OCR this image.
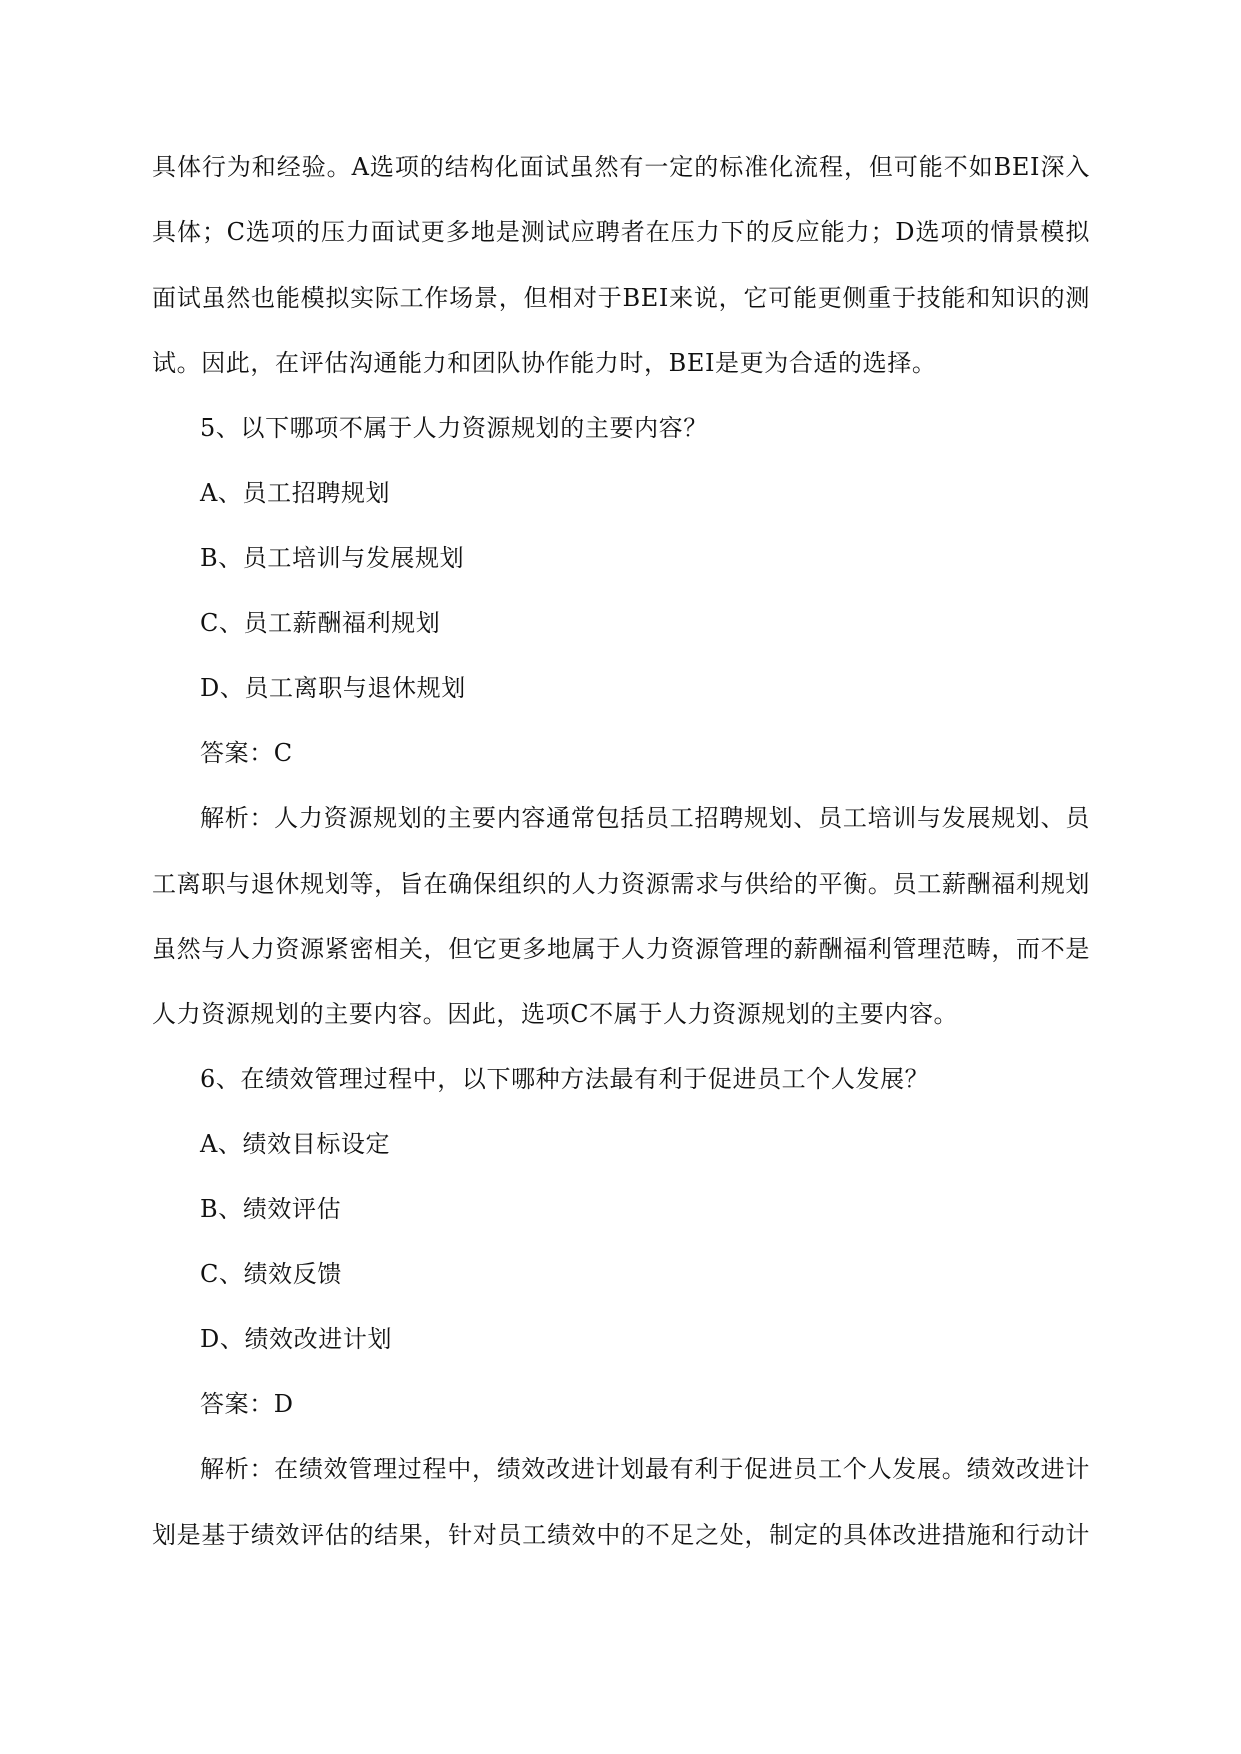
具体行为和经验。A选项的结构化面试虽然有一定的标准化流程，但可能不如BEI深入
具体；C选项的压力面试更多地是测试应聘者在压力下的反应能力；D选项的情景模拟
面试虽然也能模拟实际工作场景，但相对于BEI来说，它可能更侧重于技能和知识的测
试。因此，在评估沟通能力和团队协作能力时，BEI是更为合适的选择。
5、以下哪项不属于人力资源规划的主要内容？
A、员工招聘规划
B、员工培训与发展规划
C、员工薪酬福利规划
D、员工离职与退休规划
答案：C
解析：人力资源规划的主要内容通常包括员工招聘规划、员工培训与发展规划、员
工离职与退休规划等，旨在确保组织的人力资源需求与供给的平衡。员工薪酬福利规划
虽然与人力资源紧密相关，但它更多地属于人力资源管理的薪酬福利管理范畴，而不是
人力资源规划的主要内容。因此，选项C不属于人力资源规划的主要内容。
6、在绩效管理过程中，以下哪种方法最有利于促进员工个人发展？
A、绩效目标设定
B、绩效评估
C、绩效反馈
D、绩效改进计划
答案：D
解析：在绩效管理过程中，绩效改进计划最有利于促进员工个人发展。绩效改进计
划是基于绩效评估的结果，针对员工绩效中的不足之处，制定的具体改进措施和行动计
